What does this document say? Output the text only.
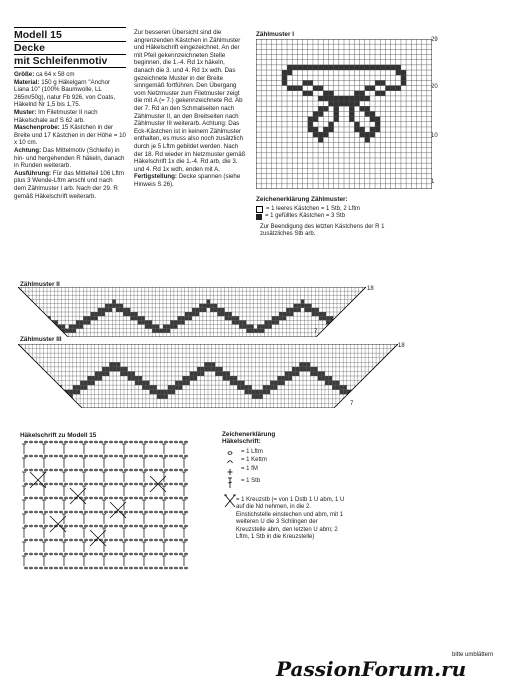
Modell 15
Decke
mit Schleifenmotiv

Größe: ca 64 x 58 cm

Material: 150 g Häkelgarn "Anchor Liana 10" (100% Baumwolle, LL 265m/50g), natur Fb 926, von Coats, Häkelnd Nr 1,5 bis 1,75.

Muster: Im Filetmuster II nach Häkelschale auf S 62 arb.

Maschenprobe: 15 Kästchen in der Breite und 17 Kästchen in der Höhe = 10 x 10 cm.

Achtung: Das Mittelmotiv (Schleife) in hin- und hergehenden R häkeln, danach in Runden weiterarb.

Ausführung: Für das Mittelteil 106 Lftm plus 3 Wende-Lftm anschl und nach dem Zählmuster I arb. Nach der 29. R gemäß Häkelschrift weiterarb.

Zur besseren Übersicht sind die angrenzenden Kästchen in Zählmuster und Häkelschrift eingezeichnet. An der mit Pfeil gekennzeichneten Stelle beginnen, die 1.-4. Rd 1x häkeln, danach die 3. und 4. Rd 1x wdh. Das gezeichnete Muster in der Breite sinngemäß fortführen. Den Übergang vom Netzmuster zum Filetmuster zeigt die mit A (= 7.) gekennzeichnete Rd. Ab der 7. Rd an den Schmalseiten nach Zählmuster II, an den Breitseiten nach Zählmuster III weiterarb. Achtung: Das Eck-Kästchen ist in keinem Zählmuster enthalten, es muss also noch zusätzlich durch je 5 Lftm gebildet werden. Nach der 18. Rd wieder im Netzmuster gemäß Häkelschrift 1x die 1.-4. Rd arb, die 3. und 4. Rd 1x wdh, enden mit A.

Fertigstellung: Decke spannen (siehe Hinweis S 26).

Zählmuster I
29
20
10
1
Zeichenerklärung Zählmuster:
= 1 leeres Kästchen = 1 Stb, 2 Lftm
= 1 gefülltes Kästchen = 3 Stb
Zur Beendigung des letzten Kästchens der R 1 zusätzliches Stb arb.
Zählmuster II
18
7
Zählmuster III
18
7
Häkelschrift zu Modell 15	Zeichenerklärung
Häkelschrift:
= 1 Lftm
= 1 Kettm
= 1 fM
= 1 Stb
= 1 Kreuzstb (= von 1 Dstb 1 U abm, 1 U auf die Nd nehmen, in die 2. Einstichstelle einstechen und abm, mit 1 weiteren U die 3 Schlingen der Kreuzstelle abm, den letzten U abm; 2 Lftm, 1 Stb in die Kreuzstelle)
bitte umblättern
PassionForum.ru
